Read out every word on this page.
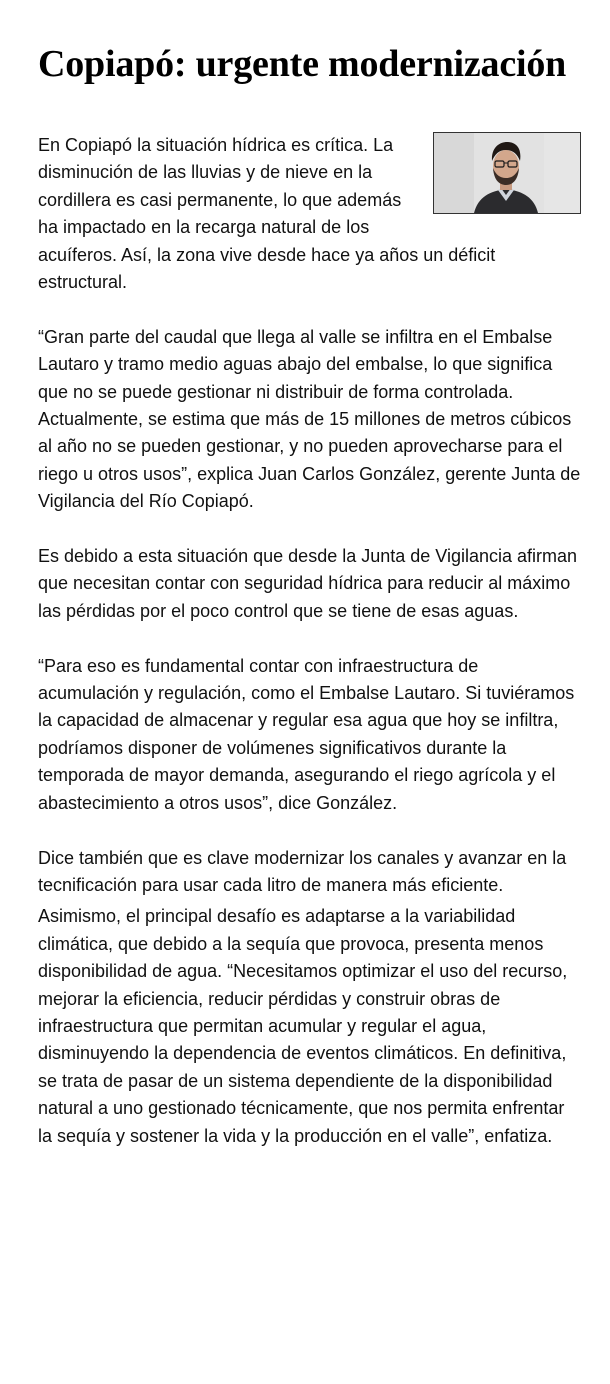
Copiapó: urgente modernización

En Copiapó la situación hídrica es crítica. La disminución de las lluvias y de nieve en la cordillera es casi permanente, lo que además ha impactado en la recarga natural de los acuíferos. Así, la zona vive desde hace ya años un déficit estructural.

“Gran parte del caudal que llega al valle se infiltra en el Embalse Lautaro y tramo medio aguas abajo del embalse, lo que significa que no se puede gestionar ni distribuir de forma controlada. Actualmente, se estima que más de 15 millones de metros cúbicos al año no se pueden gestionar, y no pueden aprovecharse para el riego u otros usos”, explica Juan Carlos González, gerente Junta de Vigilancia del Río Copiapó.

Es debido a esta situación que desde la Junta de Vigilancia afirman que necesitan contar con seguridad hídrica para reducir al máximo las pérdidas por el poco control que se tiene de esas aguas.

“Para eso es fundamental contar con infraestructura de acumulación y regulación, como el Embalse Lautaro. Si tuviéramos la capacidad de almacenar y regular esa agua que hoy se infiltra, podríamos disponer de volúmenes significativos durante la temporada de mayor demanda, asegurando el riego agrícola y el abastecimiento a otros usos”, dice González.

Dice también que es clave modernizar los canales y avanzar en la tecnificación para usar cada litro de manera más eficiente.

Asimismo, el principal desafío es adaptarse a la variabilidad climática, que debido a la sequía que provoca, presenta menos disponibilidad de agua. “Necesitamos optimizar el uso del recurso, mejorar la eficiencia, reducir pérdidas y construir obras de infraestructura que permitan acumular y regular el agua, disminuyendo la dependencia de eventos climáticos. En definitiva, se trata de pasar de un sistema dependiente de la disponibilidad natural a uno gestionado técnicamente, que nos permita enfrentar la sequía y sostener la vida y la producción en el valle”, enfatiza.
